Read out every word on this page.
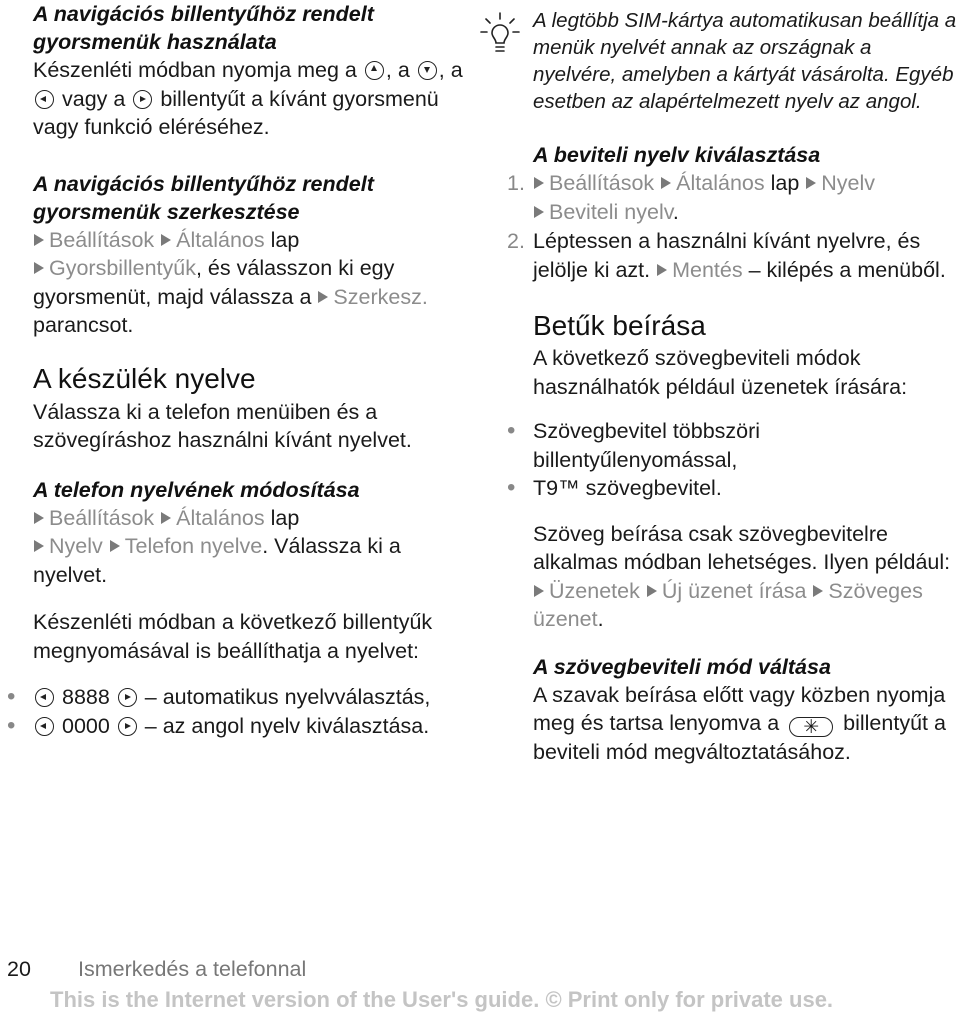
A navigációs billentyűhöz rendelt gyorsmenük használata

Készenléti módban nyomja meg a , a , a  vagy a billentyűt a kívánt gyorsmenü vagy funkció eléréséhez.

A navigációs billentyűhöz rendelt gyorsmenük szerkesztése

Beállítások Általános lap
Gyorsbillentyűk, és válasszon ki egy gyorsmenüt, majd válassza a Szerkesz. parancsot.

A készülék nyelve

Válassza ki a telefon menüiben és a szövegíráshoz használni kívánt nyelvet.

A telefon nyelvének módosítása

Beállítások Általános lap
Nyelv Telefon nyelve. Válassza ki a nyelvet.

Készenléti módban a következő billentyűk megnyomásával is beállíthatja a nyelvet:

• 8888 – automatikus nyelvválasztás,
• 0000 – az angol nyelv kiválasztása.

A legtöbb SIM-kártya automatikusan beállítja a menük nyelvét annak az országnak a nyelvére, amelyben a kártyát vásárolta. Egyéb esetben az alapértelmezett nyelv az angol.

A beviteli nyelv kiválasztása
1. Beállítások Általános lap Nyelv
Beviteli nyelv.
2. Léptessen a használni kívánt nyelvre, és jelölje ki azt. Mentés – kilépés a menüből.
Betűk beírása

A következő szövegbeviteli módok használhatók például üzenetek írására:

• Szövegbevitel többszöri billentyűlenyomással,
• T9™ szövegbevitel.

Szöveg beírása csak szövegbevitelre alkalmas módban lehetséges. Ilyen például: Üzenetek Új üzenet írása Szöveges üzenet.

A szövegbeviteli mód váltása

A szavak beírása előtt vagy közben nyomja meg és tartsa lenyomva a ✳ billentyűt a beviteli mód megváltoztatásához.

20 Ismerkedés a telefonnal
This is the Internet version of the User's guide. © Print only for private use.
